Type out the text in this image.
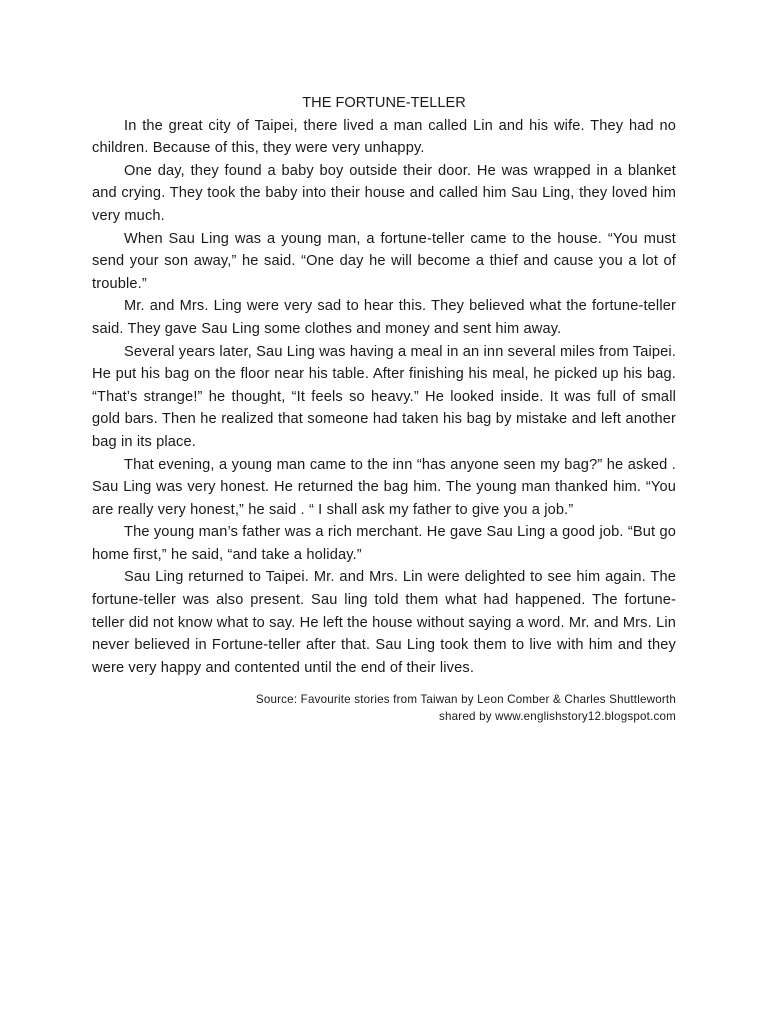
THE FORTUNE-TELLER

In the great city of Taipei, there lived a man called Lin and his wife. They had no children. Because of this, they were very unhappy.

One day, they found a baby boy outside their door. He was wrapped in a blanket and crying. They took the baby into their house and called him Sau Ling, they loved him very much.

When Sau Ling was a young man, a fortune-teller came to the house. “You must send your son away,” he said. “One day he will become a thief and cause you a lot of trouble.”

Mr. and Mrs. Ling were very sad to hear this. They believed what the fortune-teller said. They gave Sau Ling some clothes and money and sent him away.

Several years later, Sau Ling was having a meal in an inn several miles from Taipei. He put his bag on the floor near his table. After finishing his meal, he picked up his bag. “That’s strange!” he thought, “It feels so heavy.” He looked inside. It was full of small gold bars. Then he realized that someone had taken his bag by mistake and left another bag in its place.

That evening, a young man came to the inn “has anyone seen my bag?” he asked . Sau Ling was very honest. He returned the bag him. The young man thanked him. “You are really very honest,” he said . “ I shall ask my father to give you a job.”

The young man’s father was a rich merchant. He gave Sau Ling a good job. “But go home first,” he said, “and take a holiday.”

Sau Ling returned to Taipei. Mr. and Mrs. Lin were delighted to see him again. The fortune-teller was also present. Sau ling told them what had happened. The fortune-teller did not know what to say. He left the house without saying a word. Mr. and Mrs. Lin never believed in Fortune-teller after that. Sau Ling took them to live with him and they were very happy and contented until the end of their lives.

Source: Favourite stories from Taiwan by Leon Comber & Charles Shuttleworth
shared by www.englishstory12.blogspot.com
